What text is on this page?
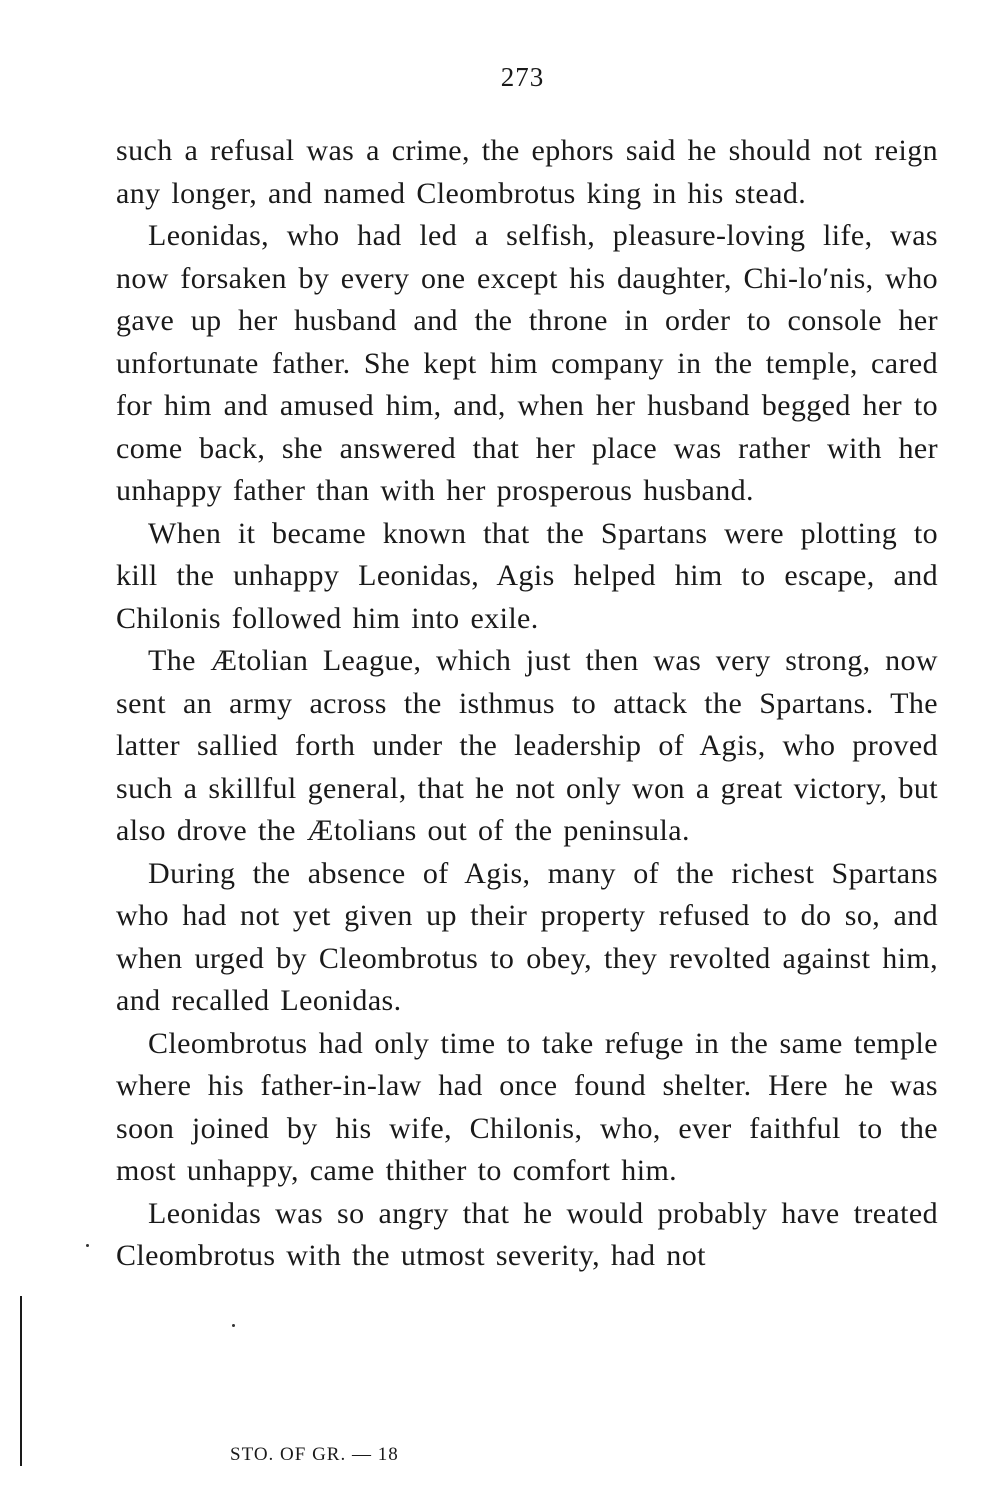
273

such a refusal was a crime, the ephors said he should not reign any longer, and named Cleombrotus king in his stead.

Leonidas, who had led a selfish, pleasure-loving life, was now forsaken by every one except his daughter, Chi-lo′nis, who gave up her husband and the throne in order to console her unfortunate father. She kept him company in the temple, cared for him and amused him, and, when her husband begged her to come back, she answered that her place was rather with her unhappy father than with her prosperous husband.

When it became known that the Spartans were plotting to kill the unhappy Leonidas, Agis helped him to escape, and Chilonis followed him into exile.

The Ætolian League, which just then was very strong, now sent an army across the isthmus to attack the Spartans. The latter sallied forth under the leadership of Agis, who proved such a skillful general, that he not only won a great victory, but also drove the Ætolians out of the peninsula.

During the absence of Agis, many of the richest Spartans who had not yet given up their property refused to do so, and when urged by Cleombrotus to obey, they revolted against him, and recalled Leonidas.

Cleombrotus had only time to take refuge in the same temple where his father-in-law had once found shelter. Here he was soon joined by his wife, Chilonis, who, ever faithful to the most unhappy, came thither to comfort him.

Leonidas was so angry that he would probably have treated Cleombrotus with the utmost severity, had not

STO. OF GR. — 18
